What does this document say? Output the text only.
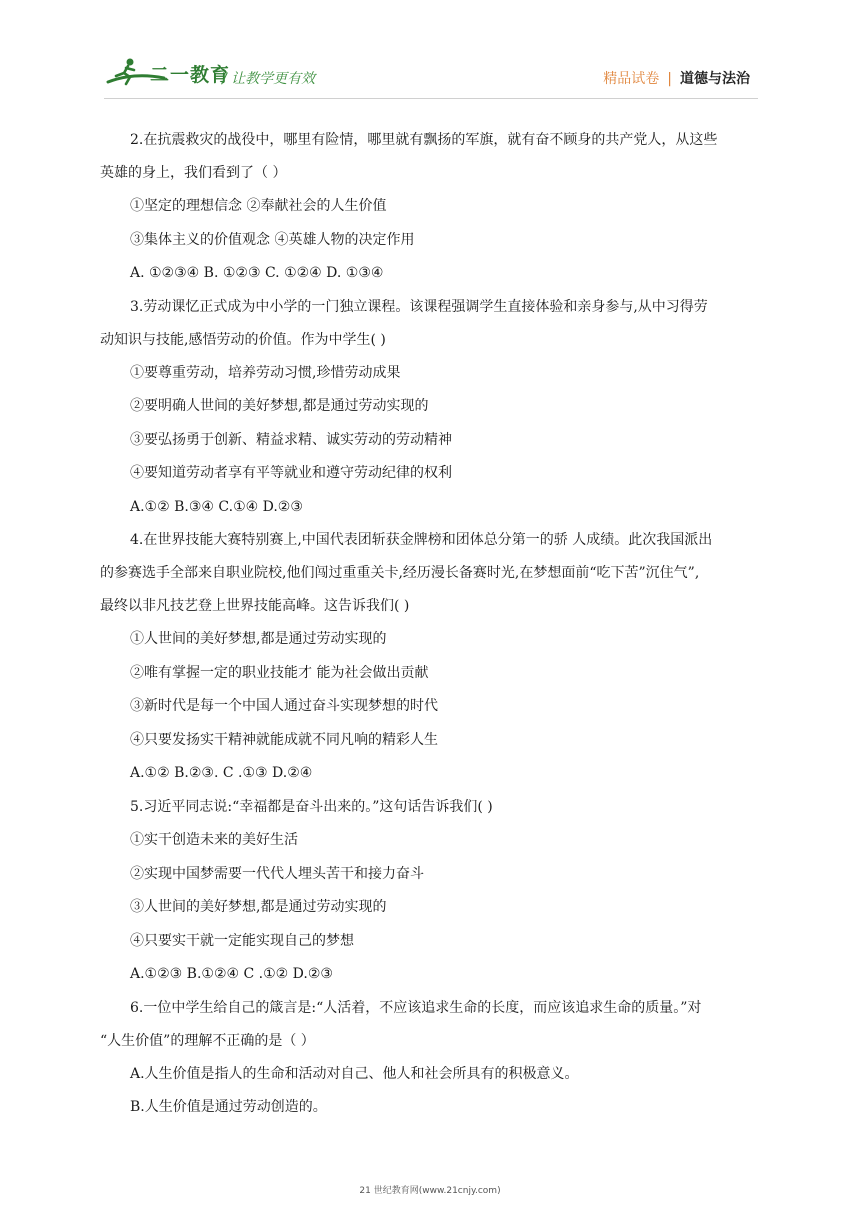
二一教育
/ 让教学更有效	精品试卷 | 道德与法治

2.在抗震救灾的战役中，哪里有险情，哪里就有飘扬的军旗，就有奋不顾身的共产党人，从这些
英雄的身上，我们看到了（ ）

①坚定的理想信念 ②奉献社会的人生价值

③集体主义的价值观念 ④英雄人物的决定作用

A. ①②③④ B. ①②③ C. ①②④ D. ①③④

3.劳动课忆正式成为中小学的一门独立课程。该课程强调学生直接体验和亲身参与,从中习得劳
动知识与技能,感悟劳动的价值。作为中学生( )

①要尊重劳动，培养劳动习惯,珍惜劳动成果

②要明确人世间的美好梦想,都是通过劳动实现的

③要弘扬勇于创新、精益求精、诚实劳动的劳动精神

④要知道劳动者享有平等就业和遵守劳动纪律的权利

A.①② B.③④ C.①④ D.②③

4.在世界技能大赛特别赛上,中国代表团斩获金牌榜和团体总分第一的骄 人成绩。此次我国派出
的参赛选手全部来自职业院校,他们闯过重重关卡,经历漫长备赛时光,在梦想面前“吃下苦”沉住气”,
最终以非凡技艺登上世界技能高峰。这告诉我们( )

①人世间的美好梦想,都是通过劳动实现的

②唯有掌握一定的职业技能才 能为社会做出贡献

③新时代是每一个中国人通过奋斗实现梦想的时代

④只要发扬实干精神就能成就不同凡响的精彩人生

A.①② B.②③. C .①③ D.②④

5.习近平同志说:“幸福都是奋斗出来的。”这句话告诉我们( )

①实干创造未来的美好生活

②实现中国梦需要一代代人埋头苦干和接力奋斗

③人世间的美好梦想,都是通过劳动实现的

④只要实干就一定能实现自己的梦想

A.①②③ B.①②④ C .①② D.②③

6.一位中学生给自己的箴言是:“人活着，不应该追求生命的长度，而应该追求生命的质量。”对
“人生价值”的理解不正确的是（ ）

A.人生价值是指人的生命和活动对自己、他人和社会所具有的积极意义。

B.人生价值是通过劳动创造的。

21 世纪教育网(www.21cnjy.com)
